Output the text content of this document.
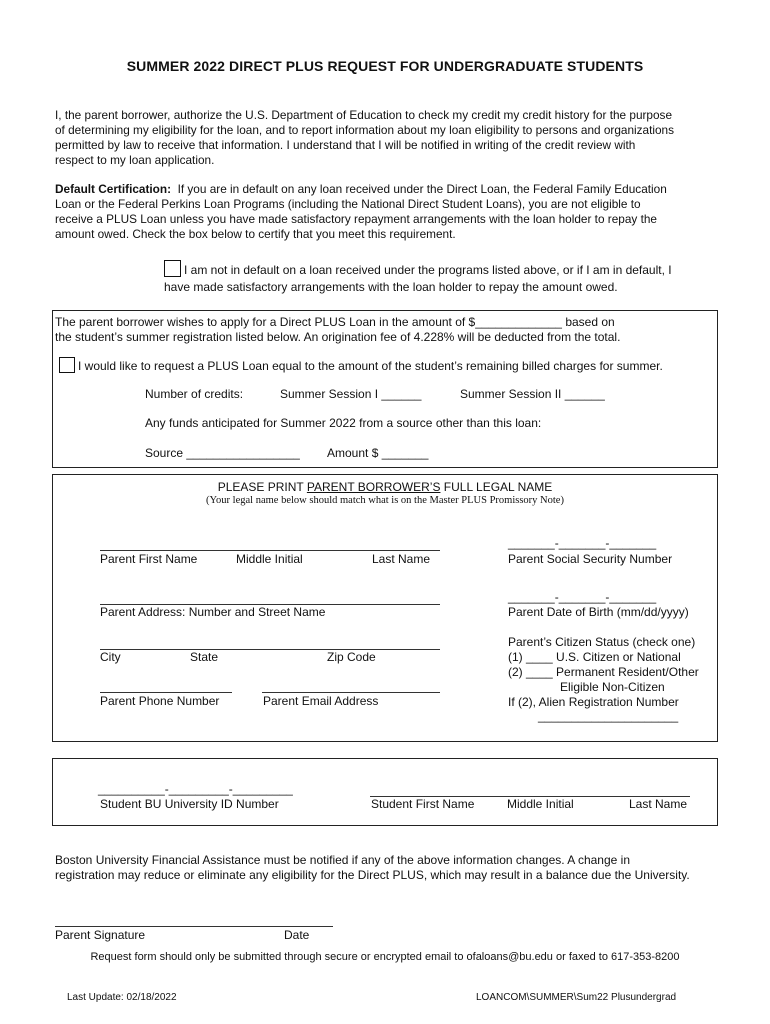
SUMMER 2022 DIRECT PLUS REQUEST FOR UNDERGRADUATE STUDENTS
I, the parent borrower, authorize the U.S. Department of Education to check my credit my credit history for the purpose
of determining my eligibility for the loan, and to report information about my loan eligibility to persons and organizations
permitted by law to receive that information. I understand that I will be notified in writing of the credit review with
respect to my loan application.
Default Certification:  If you are in default on any loan received under the Direct Loan, the Federal Family Education
Loan or the Federal Perkins Loan Programs (including the National Direct Student Loans), you are not eligible to
receive a PLUS Loan unless you have made satisfactory repayment arrangements with the loan holder to repay the
amount owed. Check the box below to certify that you meet this requirement.
I am not in default on a loan received under the programs listed above, or if I am in default, I
have made satisfactory arrangements with the loan holder to repay the amount owed.
The parent borrower wishes to apply for a Direct PLUS Loan in the amount of $_____________ based on
the student’s summer registration listed below. An origination fee of 4.228% will be deducted from the total.
I would like to request a PLUS Loan equal to the amount of the student’s remaining billed charges for summer.
Number of credits:	Summer Session I ______	Summer Session II ______
Any funds anticipated for Summer 2022 from a source other than this loan:
Source _________________ Amount $ _______
PLEASE PRINT PARENT BORROWER’S FULL LEGAL NAME
(Your legal name below should match what is on the Master PLUS Promissory Note)
Parent First Name	Middle Initial	Last Name
_______-_______-_______
Parent Social Security Number
Parent Address: Number and Street Name
_______-_______-_______
Parent Date of Birth (mm/dd/yyyy)
City	State	Zip Code
Parent Phone Number	Parent Email Address
Parent’s Citizen Status (check one)
(1) ____ U.S. Citizen or National
(2) ____ Permanent Resident/Other
Eligible Non-Citizen
If (2), Alien Registration Number
_____________________
__________-_________-_________
Student BU University ID Number	Student First Name	Middle Initial	Last Name
Boston University Financial Assistance must be notified if any of the above information changes. A change in
registration may reduce or eliminate any eligibility for the Direct PLUS, which may result in a balance due the University.
Parent Signature	Date
Request form should only be submitted through secure or encrypted email to ofaloans@bu.edu or faxed to 617-353-8200
Last Update: 02/18/2022	LOANCOM\SUMMER\Sum22 Plusundergrad
